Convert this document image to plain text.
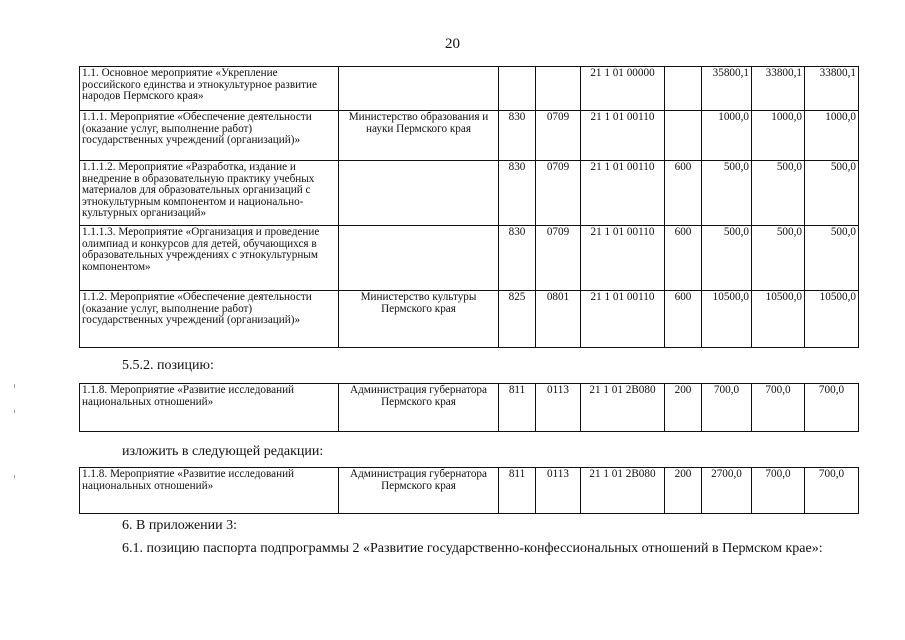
20
1.1. Основное мероприятие «Укрепление российского единства и этнокультурное развитие народов Пермского края»				21 1 01 00000		35800,1	33800,1	33800,1
1.1.1. Мероприятие «Обеспечение деятельности (оказание услуг, выполнение работ) государственных учреждений (организаций)»	Министерство образования и науки Пермского края	830	0709	21 1 01 00110		1000,0	1000,0	1000,0
1.1.1.2. Мероприятие «Разработка, издание и внедрение в образовательную практику учебных материалов для образовательных организаций с этнокультурным компонентом и национально-культурных организаций»		830	0709	21 1 01 00110	600	500,0	500,0	500,0
1.1.1.3. Мероприятие «Организация и проведение олимпиад и конкурсов для детей, обучающихся в образовательных учреждениях с этнокультурным компонентом»		830	0709	21 1 01 00110	600	500,0	500,0	500,0
1.1.2. Мероприятие «Обеспечение деятельности (оказание услуг, выполнение работ) государственных учреждений (организаций)»	Министерство культуры Пермского края	825	0801	21 1 01 00110	600	10500,0	10500,0	10500,0
5.5.2. позицию:
1.1.8. Мероприятие «Развитие исследований национальных отношений»	Администрация губернатора Пермского края	811	0113	21 1 01 2В080	200	700,0	700,0	700,0
изложить в следующей редакции:
1.1.8. Мероприятие «Развитие исследований национальных отношений»	Администрация губернатора Пермского края	811	0113	21 1 01 2В080	200	2700,0	700,0	700,0
6. В приложении 3:
6.1. позицию паспорта подпрограммы 2 «Развитие государственно-конфессиональных отношений в Пермском крае»:
